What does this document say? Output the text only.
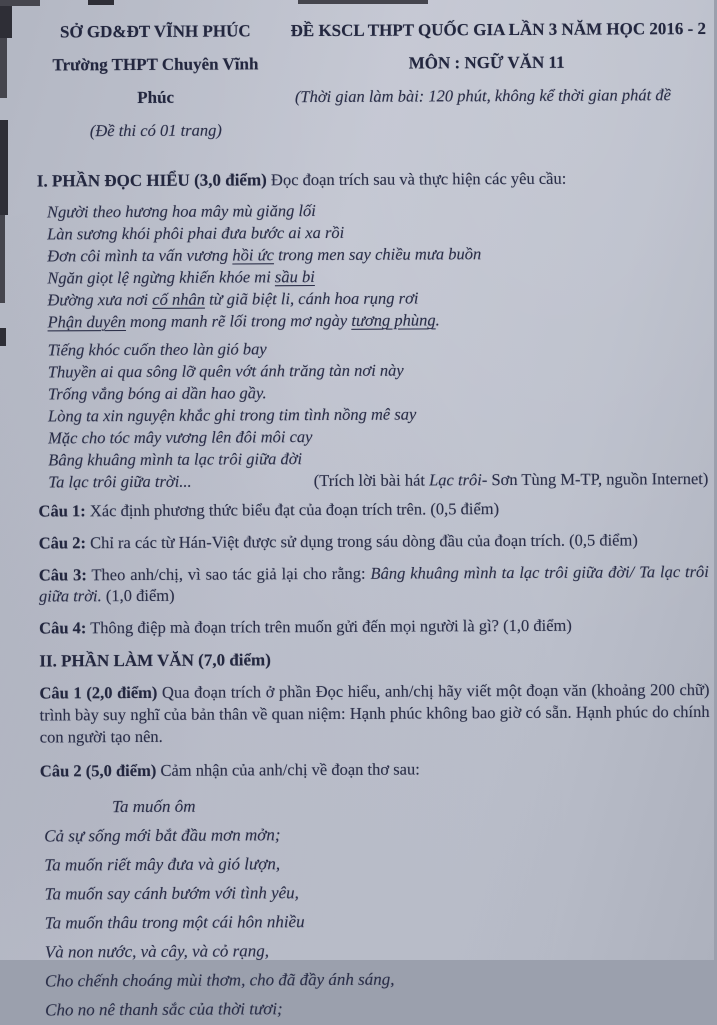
SỞ GD&ĐT VĨNH PHÚC
Trường THPT Chuyên Vĩnh Phúc
(Đề thi có 01 trang)
ĐỀ KSCL THPT QUỐC GIA LẦN 3 NĂM HỌC 2016 - 2
MÔN : NGỮ VĂN 11
(Thời gian làm bài: 120 phút, không kể thời gian phát đề
I. PHẦN ĐỌC HIỂU (3,0 điểm) Đọc đoạn trích sau và thực hiện các yêu cầu:
Người theo hương hoa mây mù giăng lối
Làn sương khói phôi phai đưa bước ai xa rồi
Đơn côi mình ta vấn vương hồi ức trong men say chiều mưa buồn
Ngăn giọt lệ ngừng khiến khóe mi sầu bi
Đường xưa nơi cố nhân từ giã biệt li, cánh hoa rụng rơi
Phận duyên mong manh rẽ lối trong mơ ngày tương phùng.
Tiếng khóc cuốn theo làn gió bay
Thuyền ai qua sông lỡ quên vớt ánh trăng tàn nơi này
Trống vắng bóng ai dần hao gầy.
Lòng ta xin nguyện khắc ghi trong tim tình nồng mê say
Mặc cho tóc mây vương lên đôi môi cay
Bâng khuâng mình ta lạc trôi giữa đời
Ta lạc trôi giữa trời...	(Trích lời bài hát Lạc trôi- Sơn Tùng M-TP, nguồn Internet)

Câu 1: Xác định phương thức biểu đạt của đoạn trích trên. (0,5 điểm)

Câu 2: Chỉ ra các từ Hán-Việt được sử dụng trong sáu dòng đầu của đoạn trích. (0,5 điểm)

Câu 3: Theo anh/chị, vì sao tác giả lại cho rằng: Bâng khuâng mình ta lạc trôi giữa đời/ Ta lạc trôi giữa trời. (1,0 điểm)

Câu 4: Thông điệp mà đoạn trích trên muốn gửi đến mọi người là gì? (1,0 điểm)

II. PHẦN LÀM VĂN (7,0 điểm)

Câu 1 (2,0 điểm) Qua đoạn trích ở phần Đọc hiểu, anh/chị hãy viết một đoạn văn (khoảng 200 chữ) trình bày suy nghĩ của bản thân về quan niệm: Hạnh phúc không bao giờ có sẵn. Hạnh phúc do chính con người tạo nên.

Câu 2 (5,0 điểm) Cảm nhận của anh/chị về đoạn thơ sau:

Ta muốn ôm
Cả sự sống mới bắt đầu mơn mởn;
Ta muốn riết mây đưa và gió lượn,
Ta muốn say cánh bướm với tình yêu,
Ta muốn thâu trong một cái hôn nhiều
Và non nước, và cây, và cỏ rạng,
Cho chếnh choáng mùi thơm, cho đã đầy ánh sáng,
Cho no nê thanh sắc của thời tươi;
